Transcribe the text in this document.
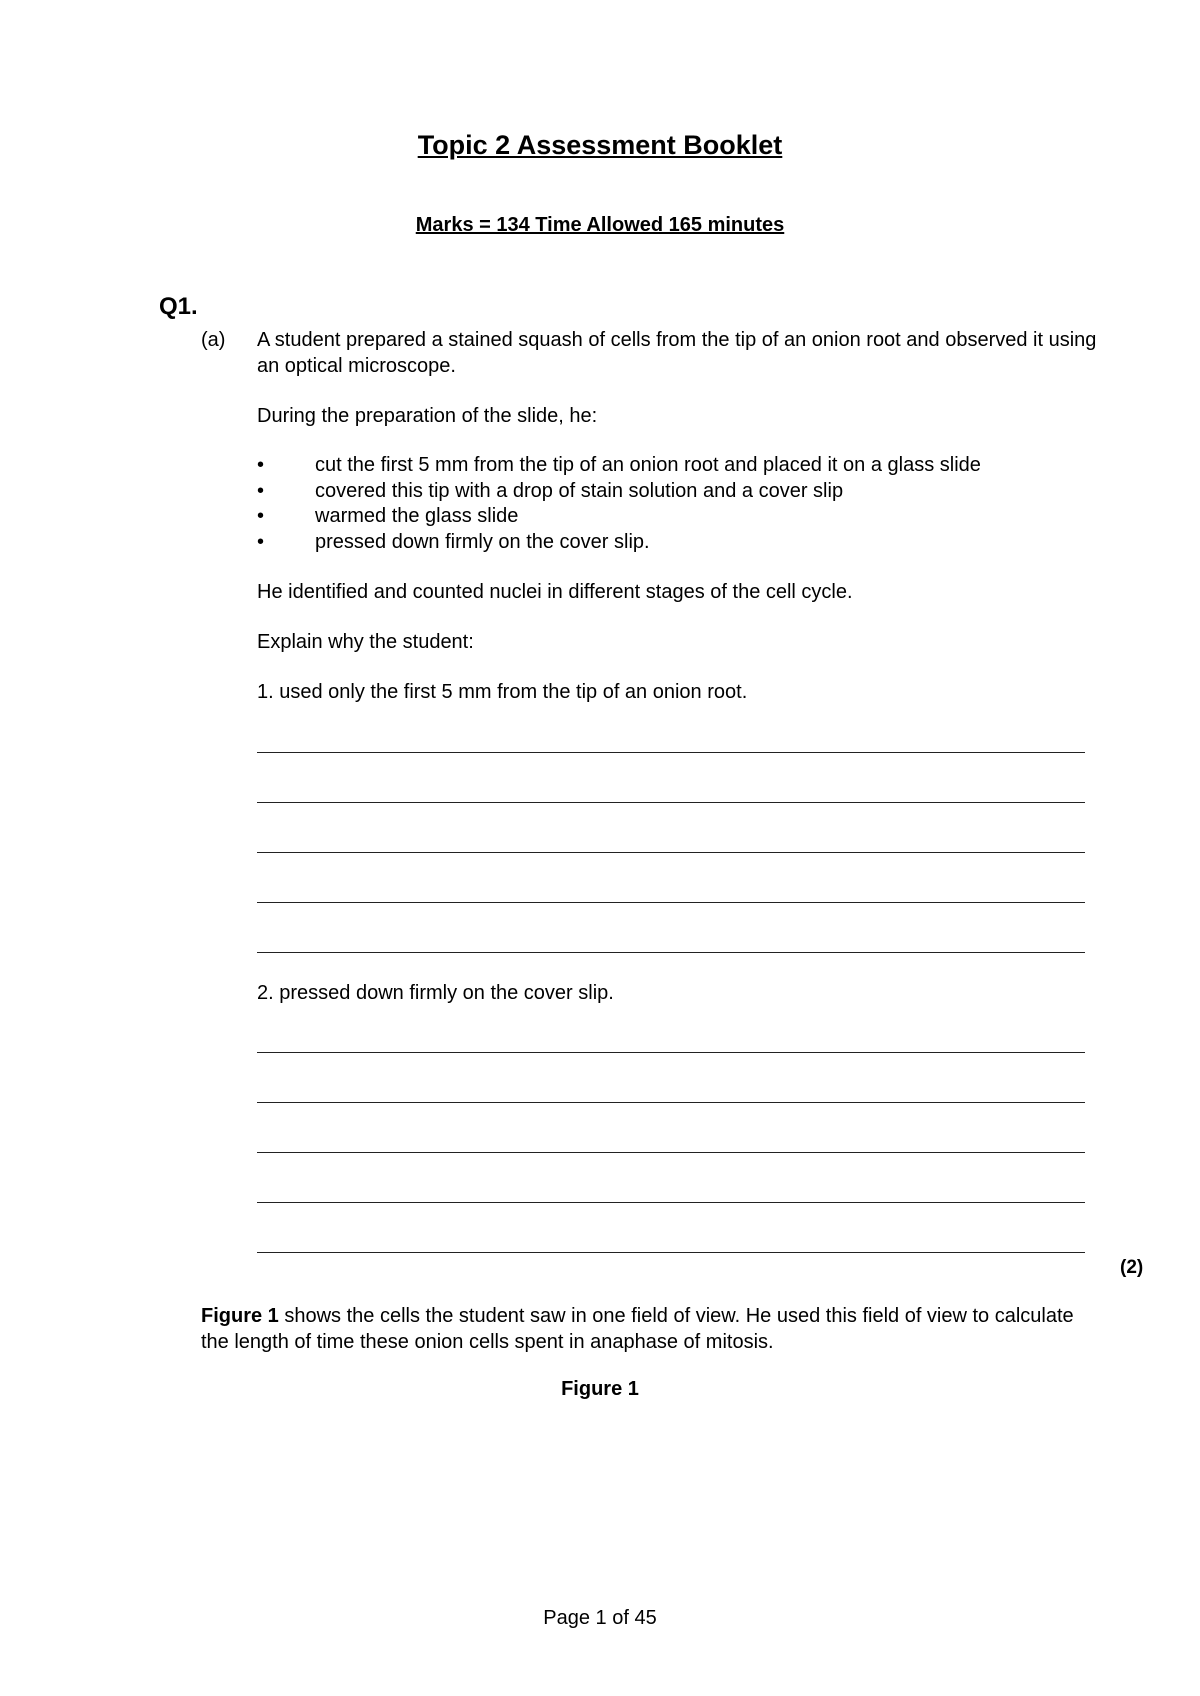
Topic 2 Assessment Booklet
Marks = 134 Time Allowed 165 minutes
Q1.
(a) A student prepared a stained squash of cells from the tip of an onion root and observed it using an optical microscope.
During the preparation of the slide, he:
•	cut the first 5 mm from the tip of an onion root and placed it on a glass slide
•	covered this tip with a drop of stain solution and a cover slip
•	warmed the glass slide
•	pressed down firmly on the cover slip.
He identified and counted nuclei in different stages of the cell cycle.
Explain why the student:
1. used only the first 5 mm from the tip of an onion root.
2. pressed down firmly on the cover slip.
(2)
Figure 1 shows the cells the student saw in one field of view. He used this field of view to calculate the length of time these onion cells spent in anaphase of mitosis.
Figure 1
Page 1 of 45
